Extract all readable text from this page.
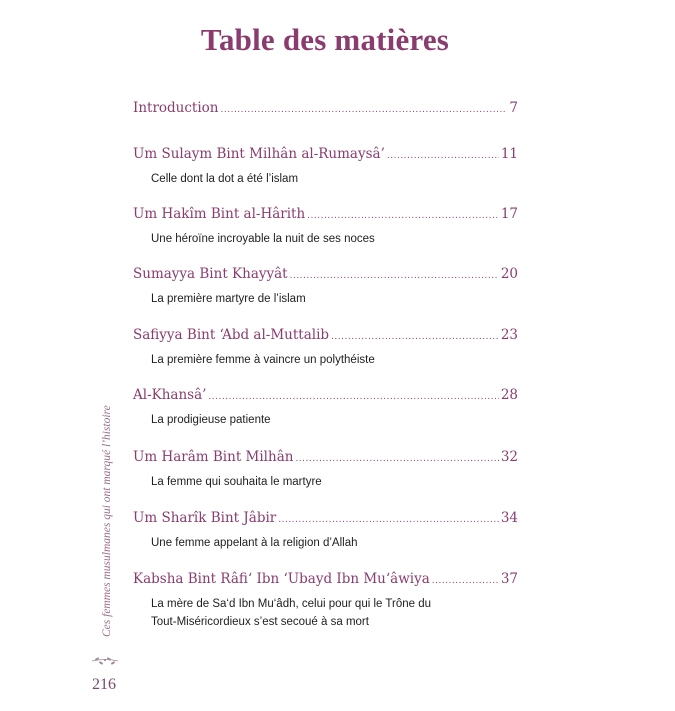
Table des matières
Introduction .....	7
Um Sulaym Bint Milhân al-Rumaysâ’ .....	11
Celle dont la dot a été l’islam
Um Hakîm Bint al-Hârith .....	17
Une héroïne incroyable la nuit de ses noces
Sumayya Bint Khayyât .....	20
La première martyre de l’islam
Safiyya Bint ‘Abd al-Muttalib .....	23
La première femme à vaincre un polythéiste
Al-Khansâ’ .....	28
La prodigieuse patiente
Um Harâm Bint Milhân .....	32
La femme qui souhaita le martyre
Um Sharîk Bint Jâbir .....	34
Une femme appelant à la religion d’Allah
Kabsha Bint Râfi‘ Ibn ‘Ubayd Ibn Mu‘âwiya .....	37
La mère de Sa‘d Ibn Mu‘âdh, celui pour qui le Trône du Tout-Miséricordieux s’est secoué à sa mort
Ces femmes musulmanes qui ont marqué l’histoire
216
